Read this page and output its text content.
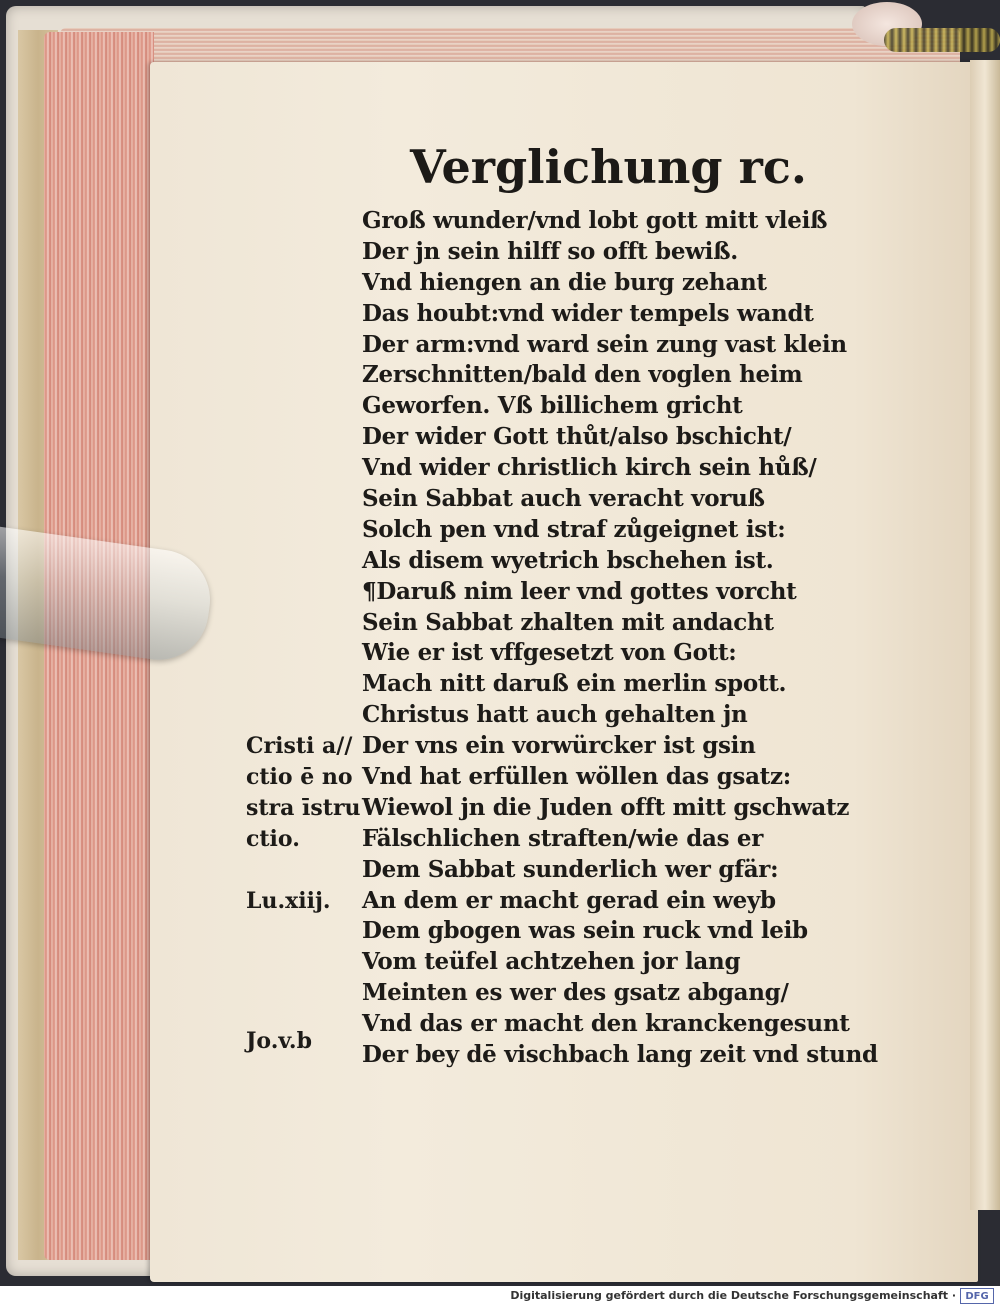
Verglichung rc.
Groß wunder/vnd lobt gott mitt vleiß
Der jn sein hilff so offt bewiß.
Vnd hiengen an die burg zehant
Das houbt:vnd wider tempels wandt
Der arm:vnd ward sein zung vast klein
Zerschnitten/bald den voglen heim
Geworfen. Vß billichem gricht
Der wider Gott thůt/also bschicht/
Vnd wider christlich kirch sein hůß/
Sein Sabbat auch veracht voruß
Solch pen vnd straf zůgeignet ist:
Als disem wyetrich bschehen ist.
¶Daruß nim leer vnd gottes vorcht
Sein Sabbat zhalten mit andacht
Wie er ist vffgesetzt von Gott:
Mach nitt daruß ein merlin spott.
Christus hatt auch gehalten jn
Der vns ein vorwürcker ist gsin
Vnd hat erfüllen wöllen das gsatz:
Wiewol jn die Juden offt mitt gschwatz
Fälschlichen straften/wie das er
Dem Sabbat sunderlich wer gfär:
An dem er macht gerad ein weyb
Dem gbogen was sein ruck vnd leib
Vom teüfel achtzehen jor lang
Meinten es wer des gsatz abgang/
Vnd das er macht den kranckengesunt
Der bey dē vischbach lang zeit vnd stund
Cristi a//
ctio ē no
stra īstru
ctio.
Lu.xiij.
Jo.v.b
Digitalisierung gefördert durch die Deutsche Forschungsgemeinschaft · DFG
